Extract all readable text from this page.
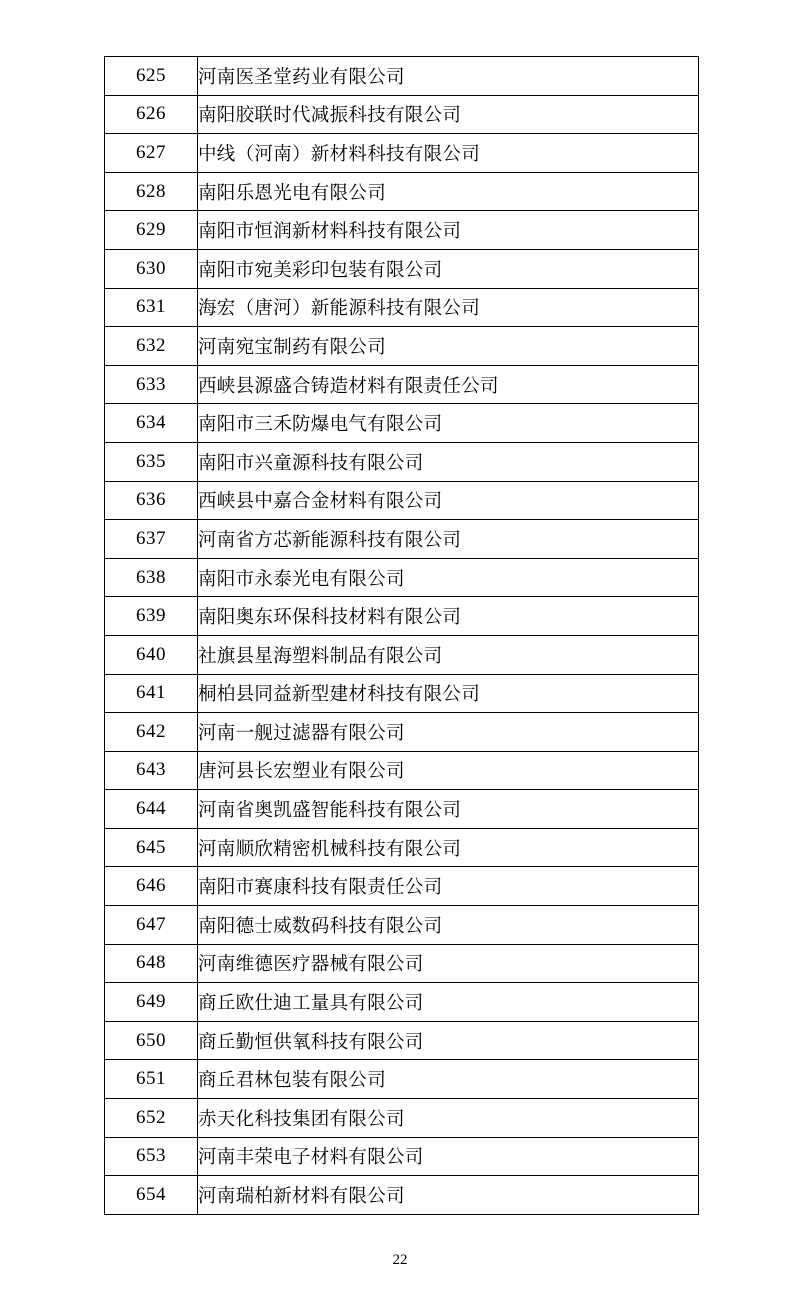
625	河南医圣堂药业有限公司
626	南阳胶联时代减振科技有限公司
627	中线（河南）新材料科技有限公司
628	南阳乐恩光电有限公司
629	南阳市恒润新材料科技有限公司
630	南阳市宛美彩印包装有限公司
631	海宏（唐河）新能源科技有限公司
632	河南宛宝制药有限公司
633	西峡县源盛合铸造材料有限责任公司
634	南阳市三禾防爆电气有限公司
635	南阳市兴童源科技有限公司
636	西峡县中嘉合金材料有限公司
637	河南省方芯新能源科技有限公司
638	南阳市永泰光电有限公司
639	南阳奥东环保科技材料有限公司
640	社旗县星海塑料制品有限公司
641	桐柏县同益新型建材科技有限公司
642	河南一舰过滤器有限公司
643	唐河县长宏塑业有限公司
644	河南省奥凯盛智能科技有限公司
645	河南顺欣精密机械科技有限公司
646	南阳市赛康科技有限责任公司
647	南阳德士威数码科技有限公司
648	河南维德医疗器械有限公司
649	商丘欧仕迪工量具有限公司
650	商丘勤恒供氧科技有限公司
651	商丘君林包装有限公司
652	赤天化科技集团有限公司
653	河南丰荣电子材料有限公司
654	河南瑞柏新材料有限公司
22
